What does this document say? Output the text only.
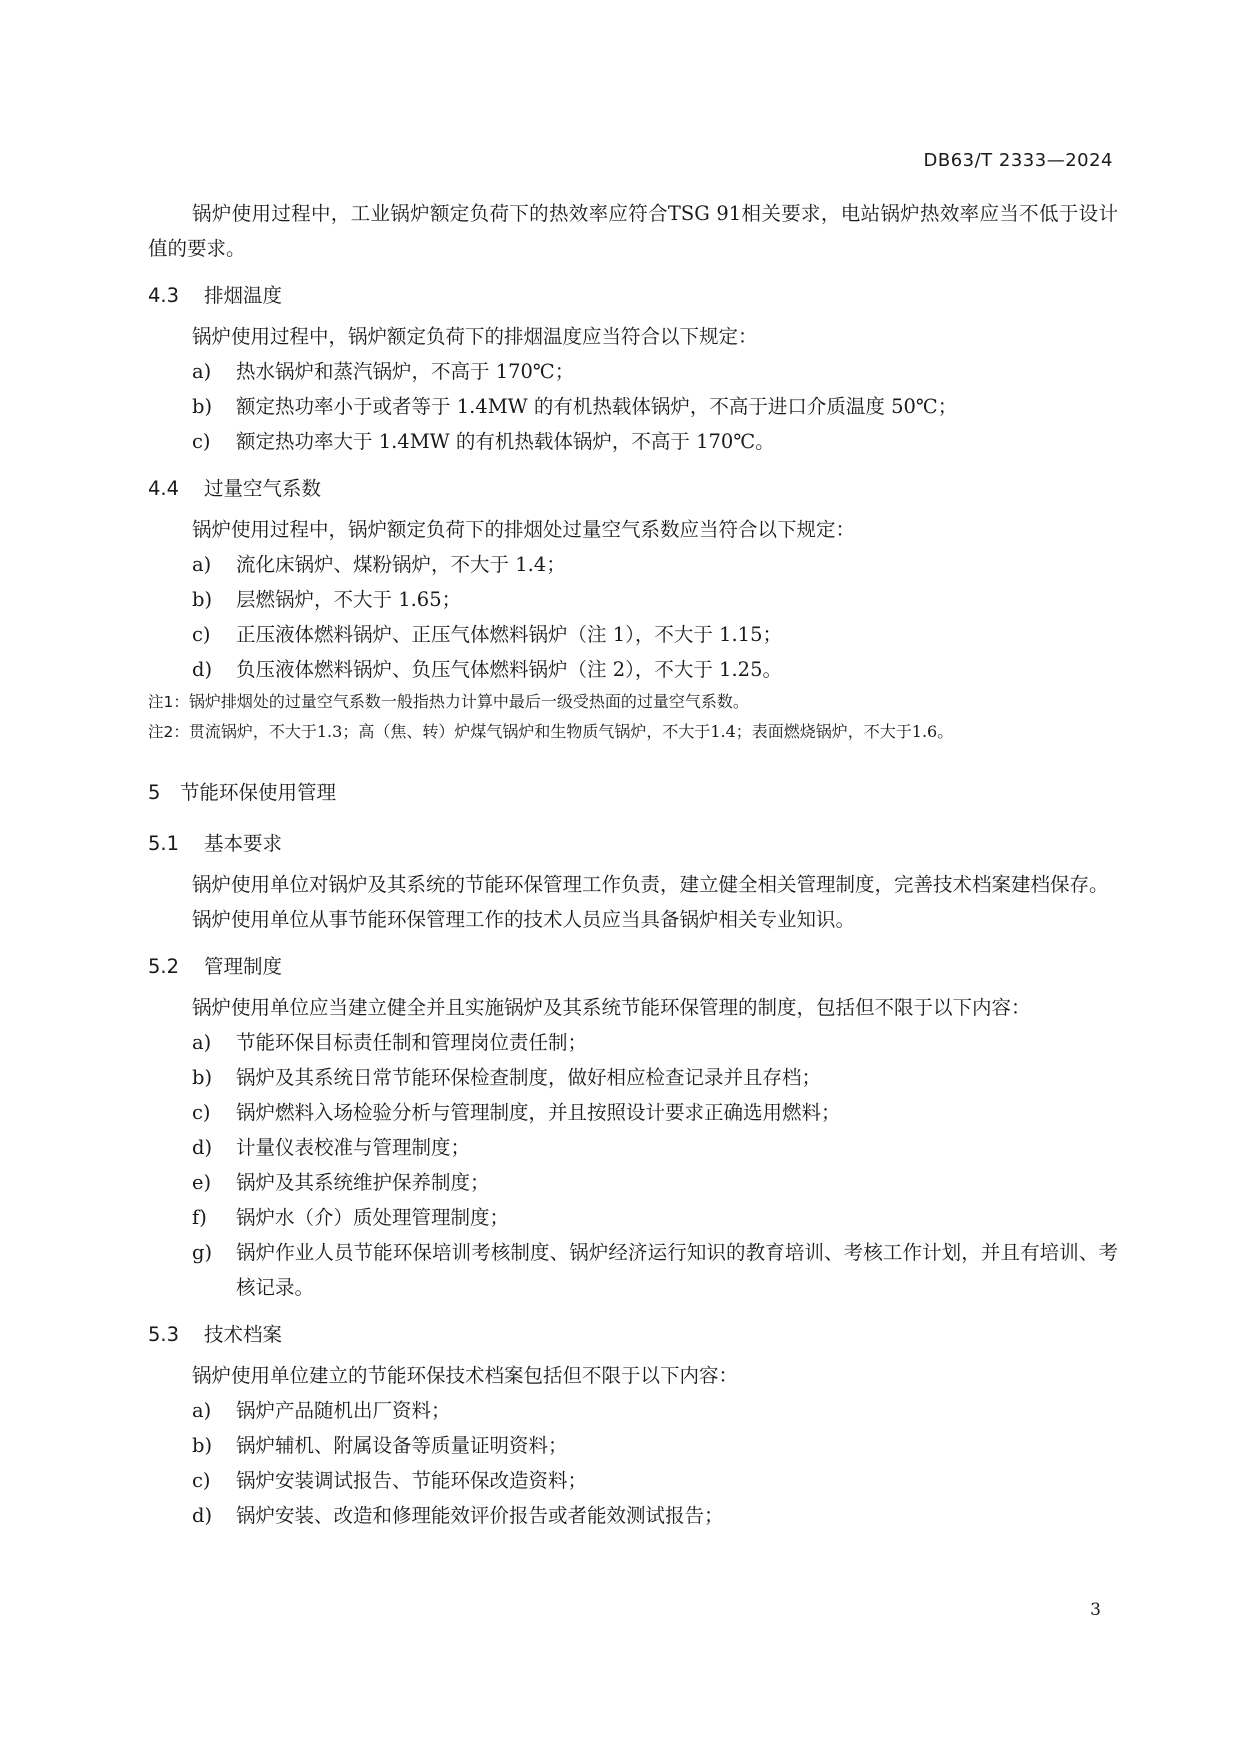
DB63/T 2333—2024

锅炉使用过程中，工业锅炉额定负荷下的热效率应符合TSG 91相关要求，电站锅炉热效率应当不低于设计值的要求。

4.3	排烟温度

锅炉使用过程中，锅炉额定负荷下的排烟温度应当符合以下规定：

a)	热水锅炉和蒸汽锅炉，不高于 170℃；
b)	额定热功率小于或者等于 1.4MW 的有机热载体锅炉，不高于进口介质温度 50℃；
c)	额定热功率大于 1.4MW 的有机热载体锅炉，不高于 170℃。
4.4	过量空气系数

锅炉使用过程中，锅炉额定负荷下的排烟处过量空气系数应当符合以下规定：

a)	流化床锅炉、煤粉锅炉，不大于 1.4；
b)	层燃锅炉，不大于 1.65；
c)	正压液体燃料锅炉、正压气体燃料锅炉（注 1），不大于 1.15；
d)	负压液体燃料锅炉、负压气体燃料锅炉（注 2），不大于 1.25。

注1：锅炉排烟处的过量空气系数一般指热力计算中最后一级受热面的过量空气系数。

注2：贯流锅炉，不大于1.3；高（焦、转）炉煤气锅炉和生物质气锅炉，不大于1.4；表面燃烧锅炉，不大于1.6。

5	节能环保使用管理
5.1	基本要求

锅炉使用单位对锅炉及其系统的节能环保管理工作负责，建立健全相关管理制度，完善技术档案建档保存。

锅炉使用单位从事节能环保管理工作的技术人员应当具备锅炉相关专业知识。

5.2	管理制度

锅炉使用单位应当建立健全并且实施锅炉及其系统节能环保管理的制度，包括但不限于以下内容：

a)	节能环保目标责任制和管理岗位责任制；
b)	锅炉及其系统日常节能环保检查制度，做好相应检查记录并且存档；
c)	锅炉燃料入场检验分析与管理制度，并且按照设计要求正确选用燃料；
d)	计量仪表校准与管理制度；
e)	锅炉及其系统维护保养制度；
f)	锅炉水（介）质处理管理制度；
g)	锅炉作业人员节能环保培训考核制度、锅炉经济运行知识的教育培训、考核工作计划，并且有培训、考核记录。
5.3	技术档案

锅炉使用单位建立的节能环保技术档案包括但不限于以下内容：

a)	锅炉产品随机出厂资料；
b)	锅炉辅机、附属设备等质量证明资料；
c)	锅炉安装调试报告、节能环保改造资料；
d)	锅炉安装、改造和修理能效评价报告或者能效测试报告；
3
